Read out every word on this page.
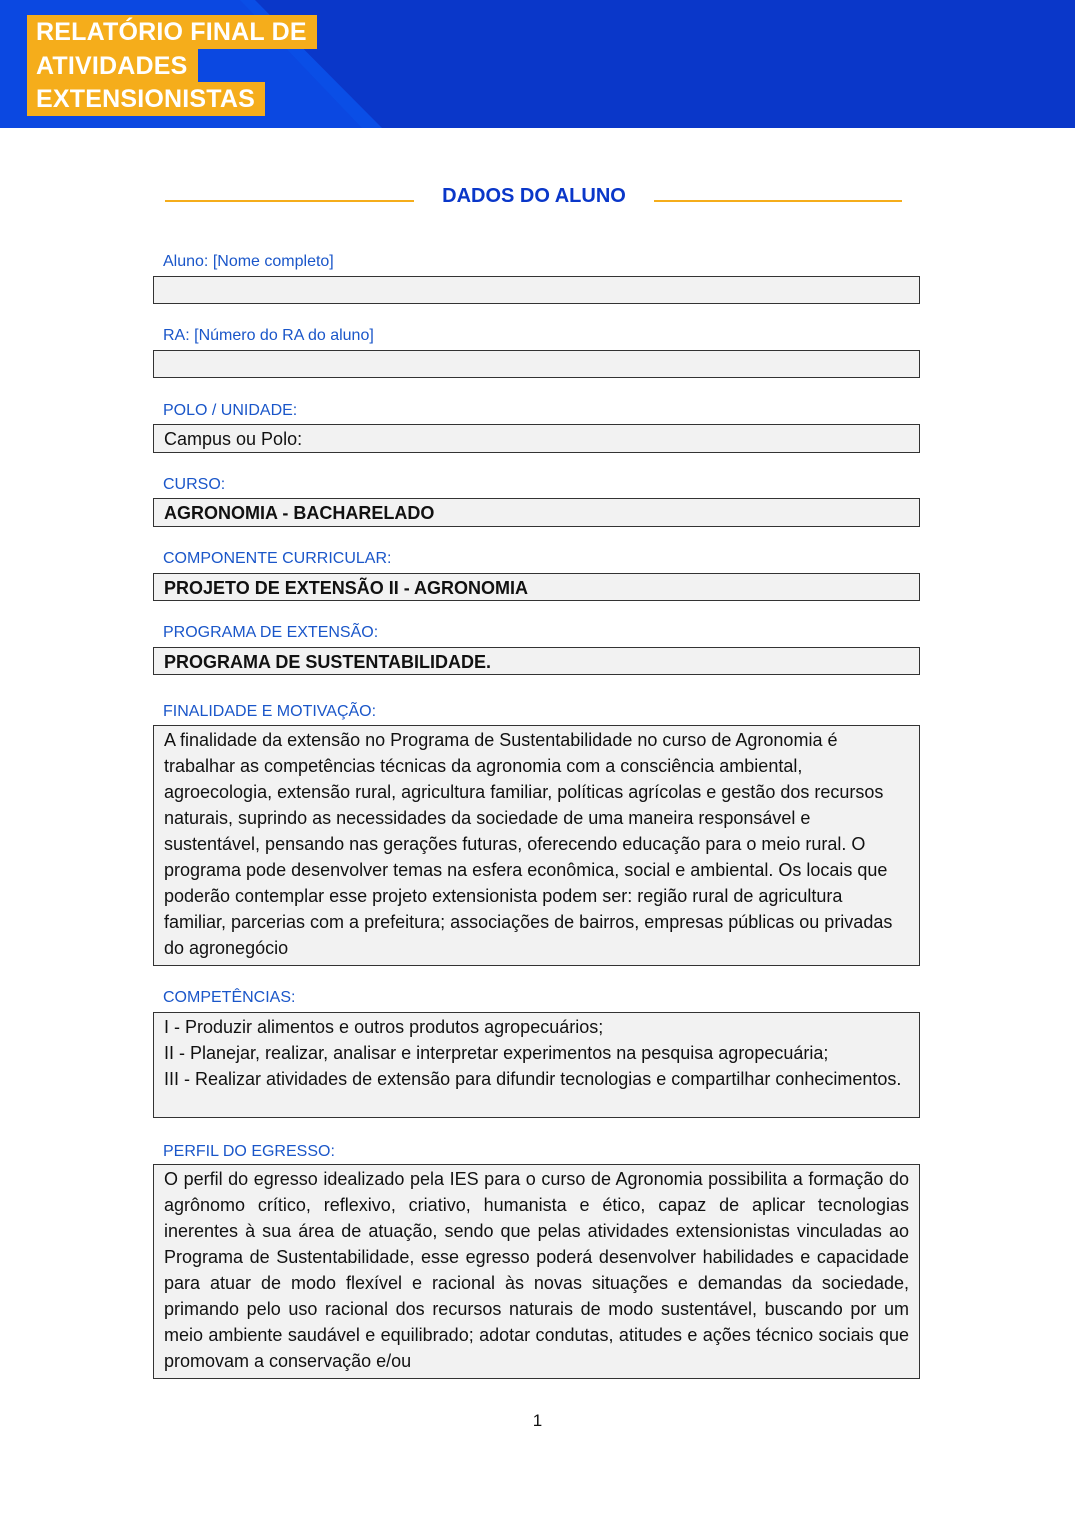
RELATÓRIO FINAL DE
ATIVIDADES
EXTENSIONISTAS
DADOS DO ALUNO
Aluno: [Nome completo]
RA: [Número do RA do aluno]
POLO / UNIDADE:
Campus ou Polo:
CURSO:
AGRONOMIA - BACHARELADO
COMPONENTE CURRICULAR:
PROJETO DE EXTENSÃO II - AGRONOMIA
PROGRAMA DE EXTENSÃO:
PROGRAMA DE SUSTENTABILIDADE.
FINALIDADE E MOTIVAÇÃO:
A finalidade da extensão no Programa de Sustentabilidade no curso de Agronomia é trabalhar as competências técnicas da agronomia com a consciência ambiental, agroecologia, extensão rural, agricultura familiar, políticas agrícolas e gestão dos recursos naturais, suprindo as necessidades da sociedade de uma maneira responsável e sustentável, pensando nas gerações futuras, oferecendo educação para o meio rural. O programa pode desenvolver temas na esfera econômica, social e ambiental. Os locais que poderão contemplar esse projeto extensionista podem ser: região rural de agricultura familiar, parcerias com a prefeitura; associações de bairros, empresas públicas ou privadas do agronegócio
COMPETÊNCIAS:
I - Produzir alimentos e outros produtos agropecuários;
II - Planejar, realizar, analisar e interpretar experimentos na pesquisa agropecuária;
III - Realizar atividades de extensão para difundir tecnologias e compartilhar conhecimentos.
PERFIL DO EGRESSO:
O perfil do egresso idealizado pela IES para o curso de Agronomia possibilita a formação do agrônomo crítico, reflexivo, criativo, humanista e ético, capaz de aplicar tecnologias inerentes à sua área de atuação, sendo que pelas atividades extensionistas vinculadas ao Programa de Sustentabilidade, esse egresso poderá desenvolver habilidades e capacidade para atuar de modo flexível e racional às novas situações e demandas da sociedade, primando pelo uso racional dos recursos naturais de modo sustentável, buscando por um meio ambiente saudável e equilibrado; adotar condutas, atitudes e ações técnico sociais que promovam a conservação e/ou
1
